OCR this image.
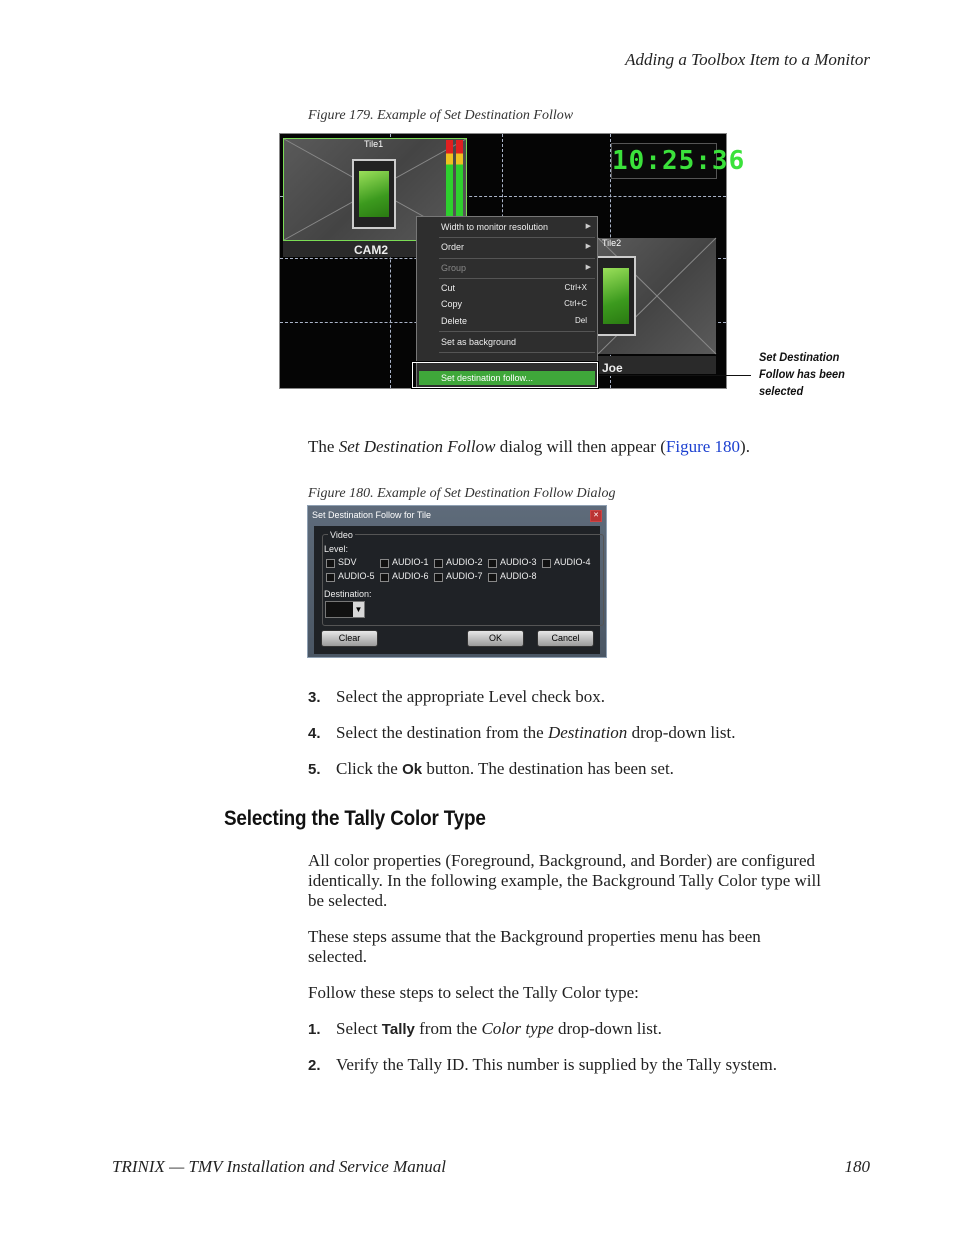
Adding a Toolbox Item to a Monitor
Figure 179. Example of Set Destination Follow
Tile1
CAM2
10:25:36
Tile2
Joe
Width to monitor resolution	▶
Order	▶
Group	▶
Cut	Ctrl+X
Copy	Ctrl+C
Delete	Del
Set as background
Set destination follow...
Set Destination
Follow has been
selected
The Set Destination Follow dialog will then appear (Figure 180).
Figure 180. Example of Set Destination Follow Dialog
Set Destination Follow for Tile	✕
Video
Level:
SDV	AUDIO-1 AUDIO-2 AUDIO-3 AUDIO-4
AUDIO-5 AUDIO-6 AUDIO-7 AUDIO-8
Destination:
▼
Clear	OK	Cancel
3. Select the appropriate Level check box.
4. Select the destination from the Destination drop-down list.
5. Click the Ok button. The destination has been set.
Selecting the Tally Color Type
All color properties (Foreground, Background, and Border) are configured
identically. In the following example, the Background Tally Color type will
be selected.
These steps assume that the Background properties menu has been
selected.
Follow these steps to select the Tally Color type:
1. Select Tally from the Color type drop-down list.
2. Verify the Tally ID. This number is supplied by the Tally system.
TRINIX — TMV Installation and Service Manual	180
